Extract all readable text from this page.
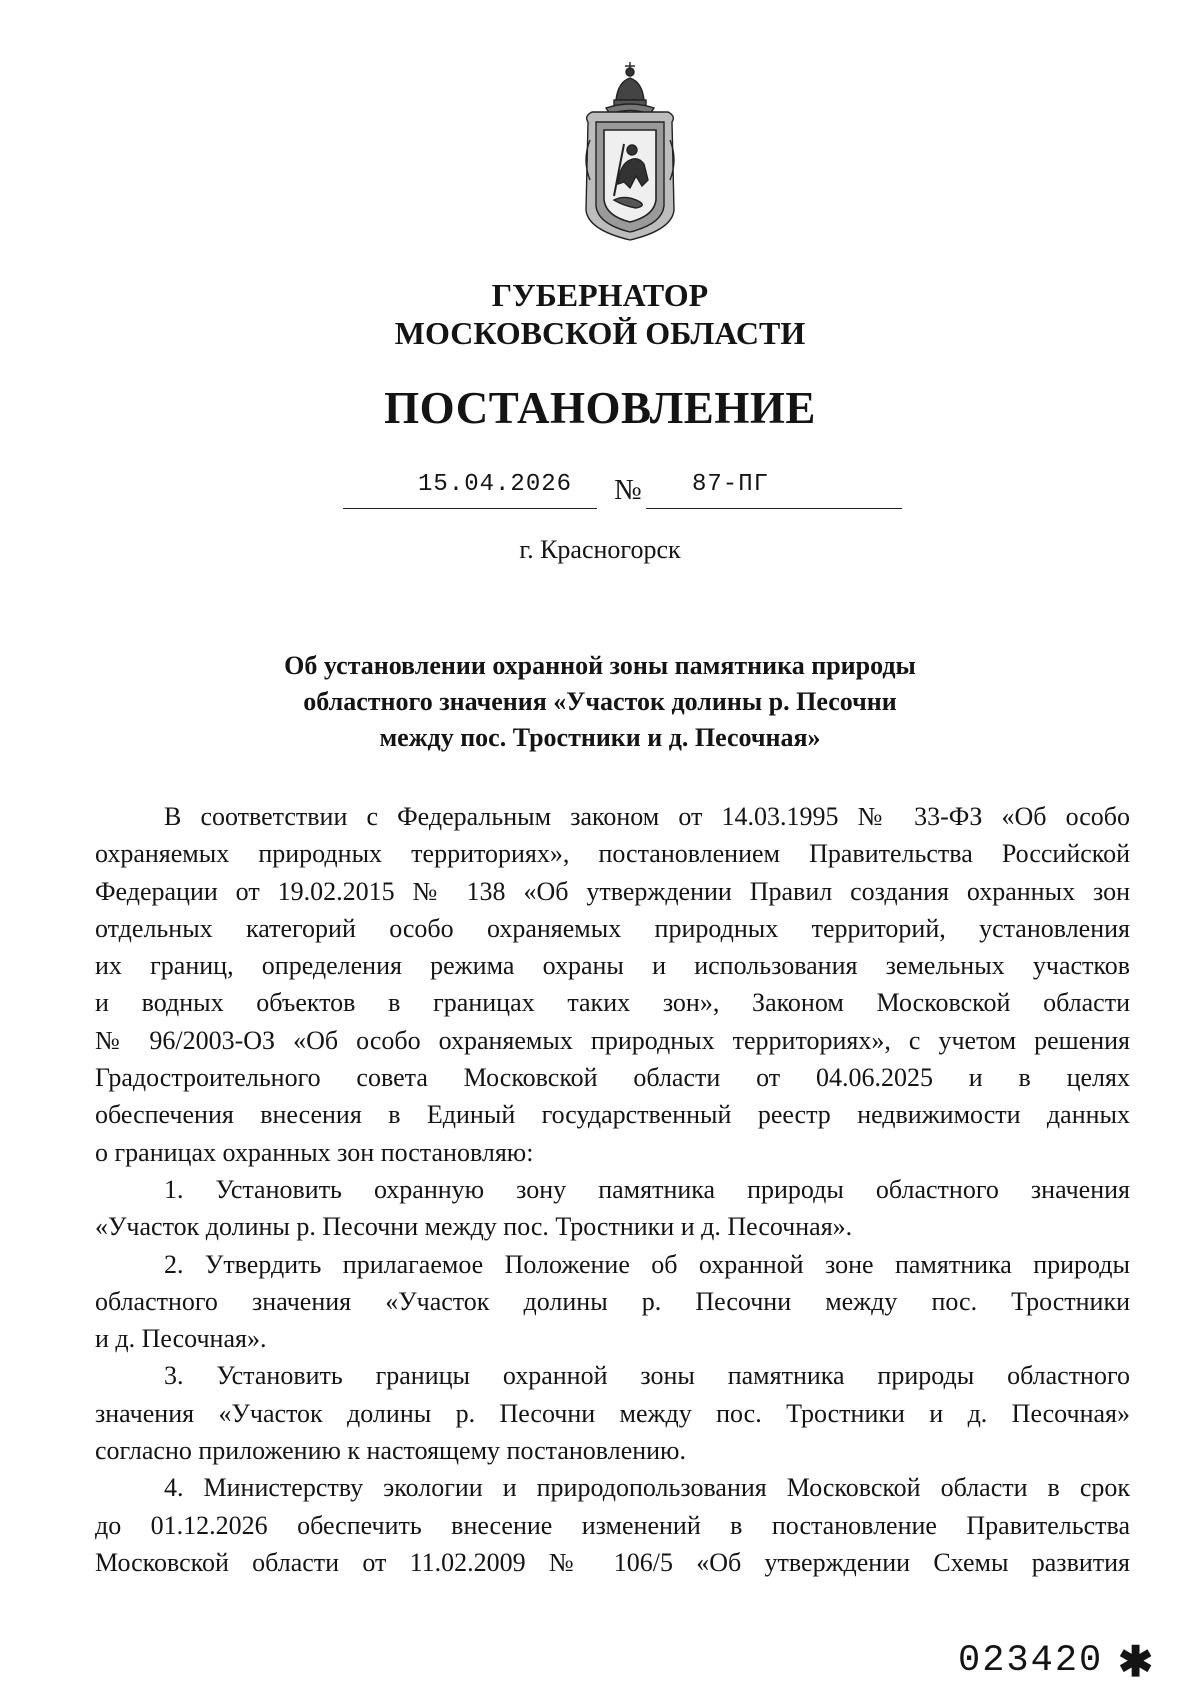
ГУБЕРНАТОР
МОСКОВСКОЙ ОБЛАСТИ
ПОСТАНОВЛЕНИЕ
15.04.2026 № 87-ПГ
г. Красногорск
Об установлении охранной зоны памятника природы
областного значения «Участок долины р. Песочни
между пос. Тростники и д. Песочная»
В соответствии с Федеральным законом от 14.03.1995 № 33-ФЗ «Об особо
охраняемых природных территориях», постановлением Правительства Российской
Федерации от 19.02.2015 № 138 «Об утверждении Правил создания охранных зон
отдельных категорий особо охраняемых природных территорий, установления
их границ, определения режима охраны и использования земельных участков
и водных объектов в границах таких зон», Законом Московской области
№ 96/2003-ОЗ «Об особо охраняемых природных территориях», с учетом решения
Градостроительного совета Московской области от 04.06.2025 и в целях
обеспечения внесения в Единый государственный реестр недвижимости данных
о границах охранных зон постановляю:
1. Установить охранную зону памятника природы областного значения
«Участок долины р. Песочни между пос. Тростники и д. Песочная».
2. Утвердить прилагаемое Положение об охранной зоне памятника природы
областного значения «Участок долины р. Песочни между пос. Тростники
и д. Песочная».
3. Установить границы охранной зоны памятника природы областного
значения «Участок долины р. Песочни между пос. Тростники и д. Песочная»
согласно приложению к настоящему постановлению.
4. Министерству экологии и природопользования Московской области в срок
до 01.12.2026 обеспечить внесение изменений в постановление Правительства
Московской области от 11.02.2009 № 106/5 «Об утверждении Схемы развития
023420 ✱
